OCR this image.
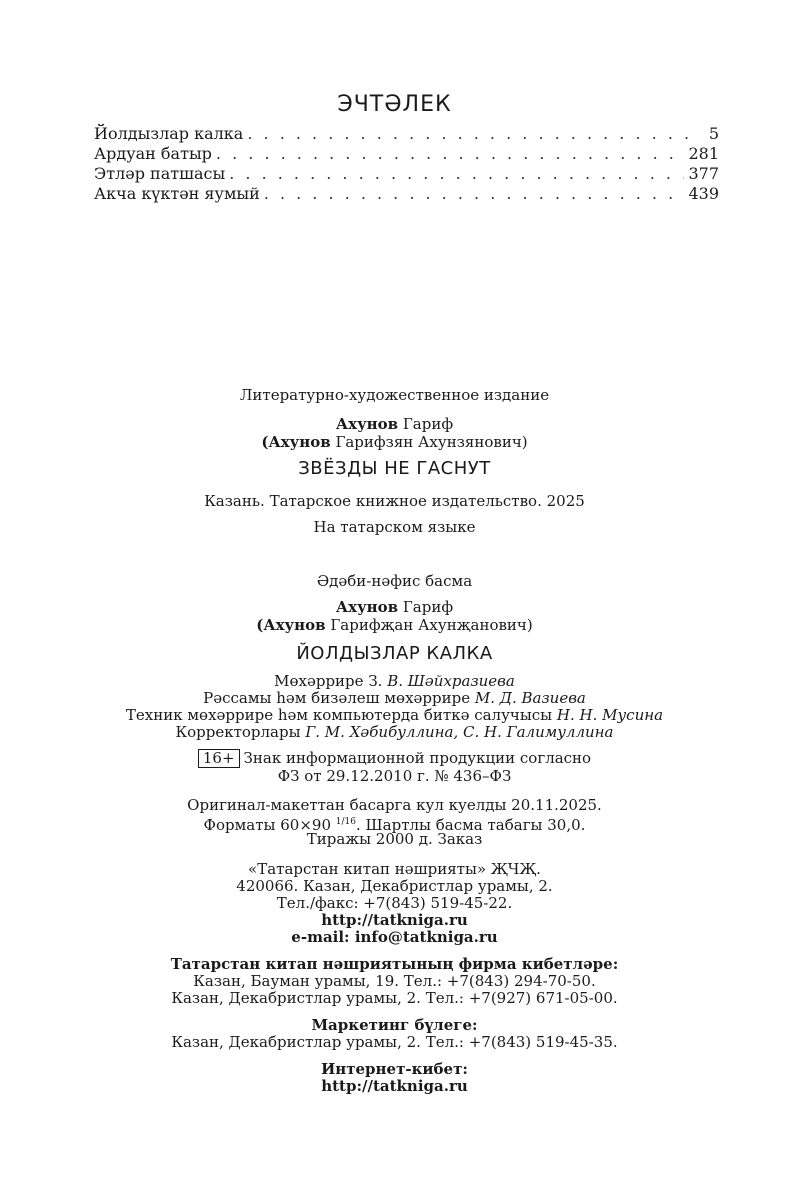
ЭЧТӘЛЕК
Йолдызлар калка . . .	5
Ардуан батыр . . .	281
Этләр патшасы . . .	377
Акча күктән яумый . . .	439
Литературно-художественное издание
Ахунов Гариф
(Ахунов Гарифзян Ахунзянович)
ЗВЁЗДЫ НЕ ГАСНУТ
Казань. Татарское книжное издательство. 2025
На татарском языке
Әдәби-нәфис басма
Ахунов Гариф
(Ахунов Гарифҗан Ахунҗанович)
ЙОЛДЫЗЛАР КАЛКА
Мөхәррире З. В. Шәйхразиева
Рәссамы һәм бизәлеш мөхәррире М. Д. Вазиева
Техник мөхәррире һәм компьютерда биткә салучысы Н. Н. Мусина
Корректорлары Г. М. Хәбибуллина, С. Н. Галимуллина
16+ Знак информационной продукции согласно
ФЗ от 29.12.2010 г. № 436–ФЗ
Оригинал-макеттан басарга кул куелды 20.11.2025.
Форматы 60×90 $^{1/16}$. Шартлы басма табагы 30,0.
Тиражы 2000 д. Заказ
«Татарстан китап нәшрияты» ҖЧҖ.
420066. Казан, Декабристлар урамы, 2.
Тел./факс: +7(843) 519-45-22.
http://tatkniga.ru
e-mail: info@tatkniga.ru
Татарстан китап нәшриятының фирма кибетләре:
Казан, Бауман урамы, 19. Тел.: +7(843) 294-70-50.
Казан, Декабристлар урамы, 2. Тел.: +7(927) 671-05-00.
Маркетинг бүлеге:
Казан, Декабристлар урамы, 2. Тел.: +7(843) 519-45-35.
Интернет-кибет:
http://tatkniga.ru
